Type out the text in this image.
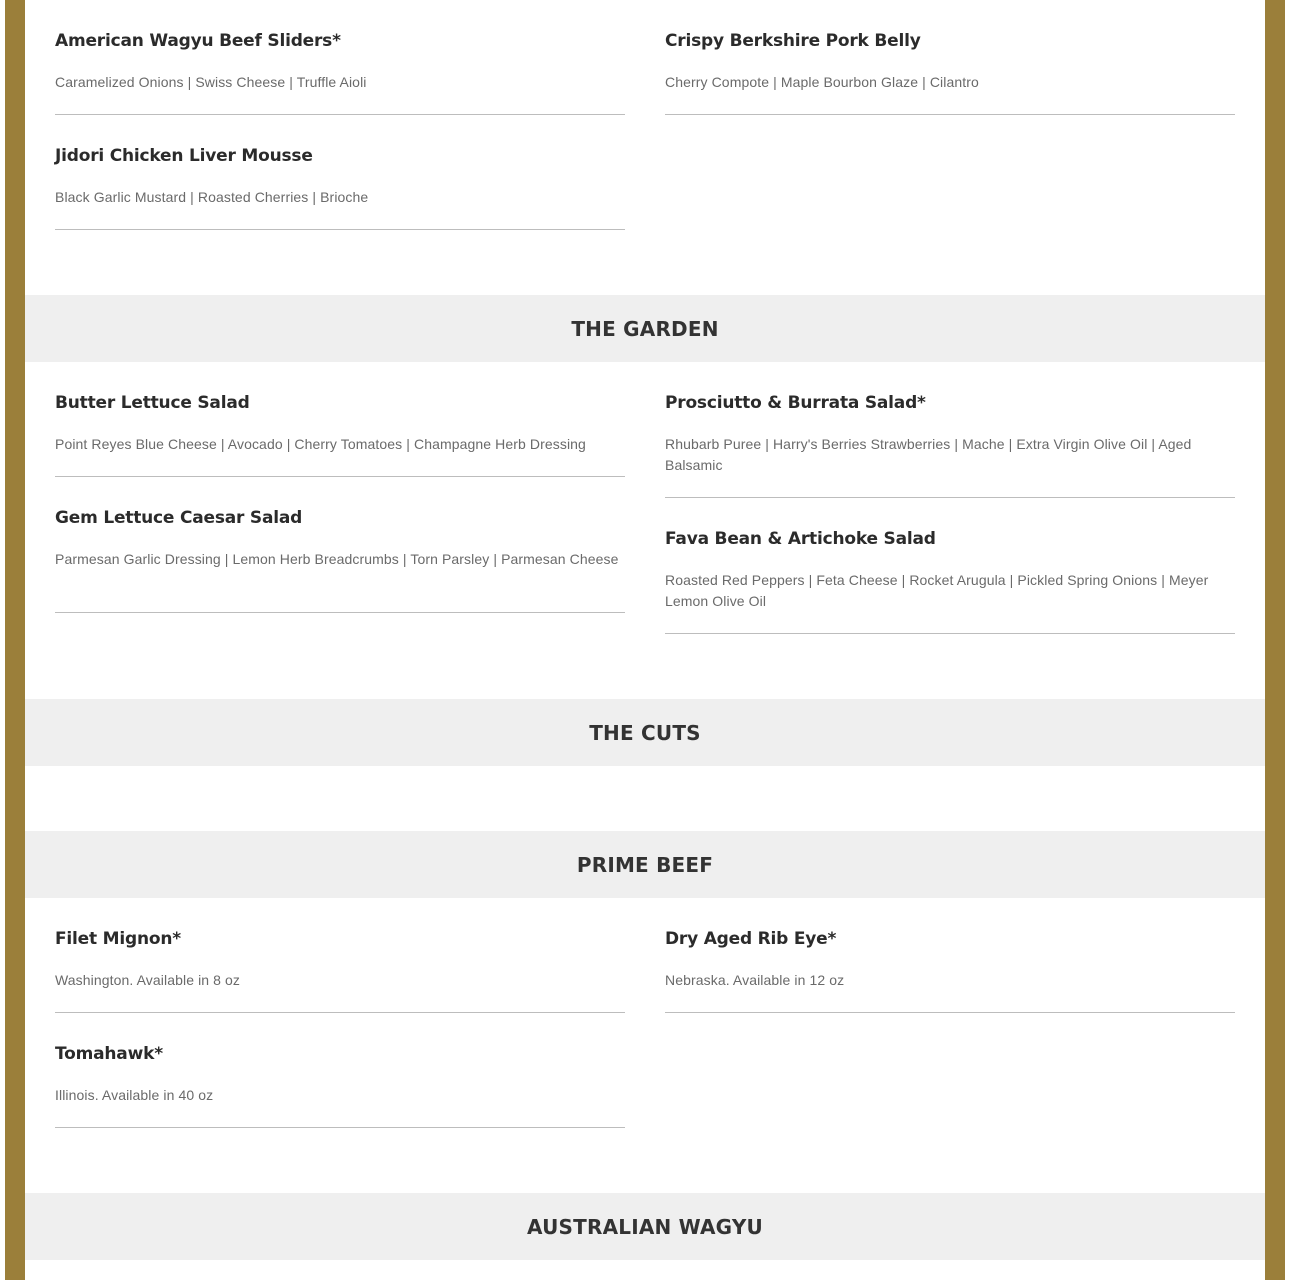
American Wagyu Beef Sliders*
Caramelized Onions | Swiss Cheese | Truffle Aioli
Crispy Berkshire Pork Belly
Cherry Compote | Maple Bourbon Glaze | Cilantro
Jidori Chicken Liver Mousse
Black Garlic Mustard | Roasted Cherries | Brioche
THE GARDEN
Butter Lettuce Salad
Point Reyes Blue Cheese | Avocado | Cherry Tomatoes | Champagne Herb Dressing
Prosciutto & Burrata Salad*
Rhubarb Puree | Harry's Berries Strawberries | Mache | Extra Virgin Olive Oil | Aged Balsamic
Gem Lettuce Caesar Salad
Parmesan Garlic Dressing | Lemon Herb Breadcrumbs | Torn Parsley | Parmesan Cheese
Fava Bean & Artichoke Salad
Roasted Red Peppers | Feta Cheese | Rocket Arugula | Pickled Spring Onions | Meyer Lemon Olive Oil
THE CUTS
PRIME BEEF
Filet Mignon*
Washington. Available in 8 oz
Dry Aged Rib Eye*
Nebraska. Available in 12 oz
Tomahawk*
Illinois. Available in 40 oz
AUSTRALIAN WAGYU
